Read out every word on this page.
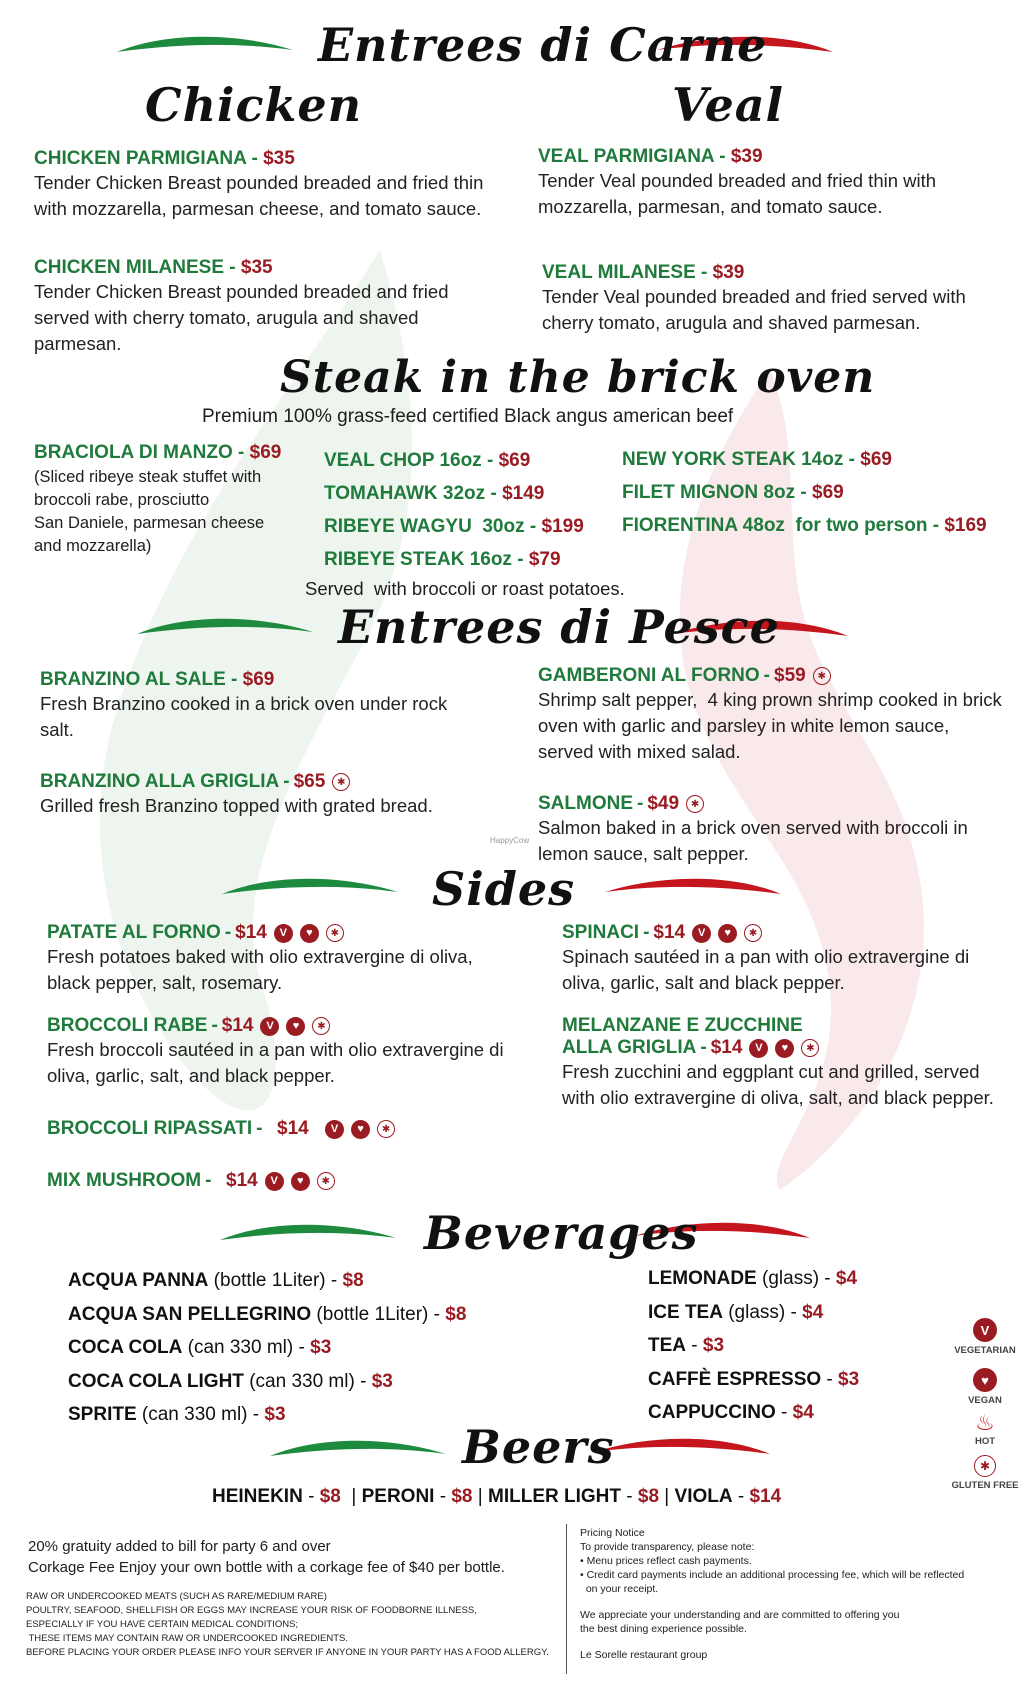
Entrees di Carne
Chicken	Veal
CHICKEN PARMIGIANA - $35
Tender Chicken Breast pounded breaded and fried thin with mozzarella, parmesan cheese, and tomato sauce.
CHICKEN MILANESE - $35
Tender Chicken Breast pounded breaded and fried served with cherry tomato, arugula and shaved parmesan.
VEAL PARMIGIANA - $39
Tender Veal pounded breaded and fried thin with mozzarella, parmesan, and tomato sauce.
VEAL MILANESE - $39
Tender Veal pounded breaded and fried served with cherry tomato, arugula and shaved parmesan.
Steak in the brick oven
Premium 100% grass-feed certified Black angus american beef
BRACIOLA DI MANZO - $69
(Sliced ribeye steak stuffet with
broccoli rabe, prosciutto
San Daniele, parmesan cheese
and mozzarella)
VEAL CHOP 16oz - $69
TOMAHAWK 32oz - $149
RIBEYE WAGYU  30oz - $199
RIBEYE STEAK 16oz - $79
NEW YORK STEAK 14oz - $69
FILET MIGNON 8oz - $69
FIORENTINA 48oz  for two person - $169
Served  with broccoli or roast potatoes.
Entrees di Pesce
BRANZINO AL SALE - $69
Fresh Branzino cooked in a brick oven under rock salt.
BRANZINO ALLA GRIGLIA - $65	✱
Grilled fresh Branzino topped with grated bread.
GAMBERONI AL FORNO - $59	✱
Shrimp salt pepper,  4 king prown shrimp cooked in brick oven with garlic and parsley in white lemon sauce, served with mixed salad.
SALMONE - $49	✱
Salmon baked in a brick oven served with broccoli in lemon sauce, salt pepper.
HappyCow
Sides
PATATE AL FORNO - $14	V	♥	✱
Fresh potatoes baked with olio extravergine di oliva, black pepper, salt, rosemary.
BROCCOLI RABE - $14	V	♥	✱
Fresh broccoli sautéed in a pan with olio extravergine di oliva, garlic, salt, and black pepper.
BROCCOLI RIPASSATI - $14
	V	♥	✱
MIX MUSHROOM - $14	V	♥	✱
SPINACI - $14	V	♥	✱
Spinach sautéed in a pan with olio extravergine di oliva, garlic, salt and black pepper.
MELANZANE E ZUCCHINE
ALLA GRIGLIA - $14	V	♥	✱
Fresh zucchini and eggplant cut and grilled, served with olio extravergine di oliva, salt, and black pepper.
Beverages
ACQUA PANNA (bottle 1Liter) - $8
ACQUA SAN PELLEGRINO (bottle 1Liter) - $8
COCA COLA (can 330 ml) - $3
COCA COLA LIGHT (can 330 ml) - $3
SPRITE (can 330 ml) - $3
LEMONADE (glass) - $4
ICE TEA (glass) - $4
TEA - $3
CAFFÈ ESPRESSO - $3
CAPPUCCINO - $4
V
VEGETARIAN
♥
VEGAN
♨
HOT
✱
GLUTEN FREE
Beers
HEINEKIN - $8  | PERONI - $8 | MILLER LIGHT - $8 | VIOLA - $14
20% gratuity added to bill for party 6 and over
Corkage Fee Enjoy your own bottle with a corkage fee of $40 per bottle.
RAW OR UNDERCOOKED MEATS (SUCH AS RARE/MEDIUM RARE)
POULTRY, SEAFOOD, SHELLFISH OR EGGS MAY INCREASE YOUR RISK OF FOODBORNE ILLNESS,
ESPECIALLY IF YOU HAVE CERTAIN MEDICAL CONDITIONS;
THESE ITEMS MAY CONTAIN RAW OR UNDERCOOKED INGREDIENTS.
BEFORE PLACING YOUR ORDER PLEASE INFO YOUR SERVER IF ANYONE IN YOUR PARTY HAS A FOOD ALLERGY.
Pricing Notice
To provide transparency, please note:
• Menu prices reflect cash payments.
• Credit card payments include an additional processing fee, which will be reflected
on your receipt.
We appreciate your understanding and are committed to offering you
the best dining experience possible.
Le Sorelle restaurant group
